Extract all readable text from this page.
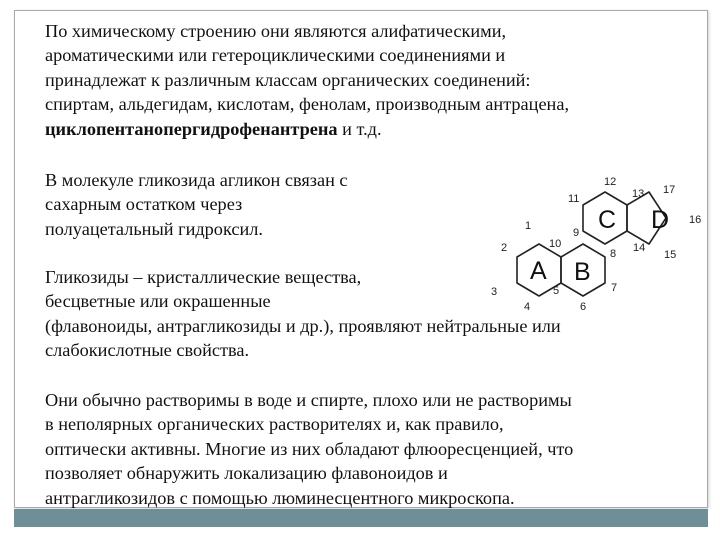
По химическому строению они являются алифатическими,
ароматическими или гетероциклическими соединениями и
принадлежат к различным классам органических соединений:
спиртам, альдегидам, кислотам, фенолам, производным антрацена,
циклопентанопергидрофенантрена и т.д.
В молекуле гликозида агликон связан с
сахарным остатком через
полуацетальный гидроксил.
Гликозиды – кристаллические вещества,
бесцветные или окрашенные
(флавоноиды, антрагликозиды и др.), проявляют нейтральные или
слабокислотные свойства.
Они обычно растворимы в воде и спирте, плохо или не растворимы
в неполярных органических растворителях и, как правило,
оптически активны. Многие из них обладают флюоресценцией, что
позволяет обнаружить локализацию флавоноидов и
антрагликозидов с помощью люминесцентного микроскопа.
A B
C D
1
2
3
4
5
6
7
8
9
10
11
12
13
14
15
16
17
